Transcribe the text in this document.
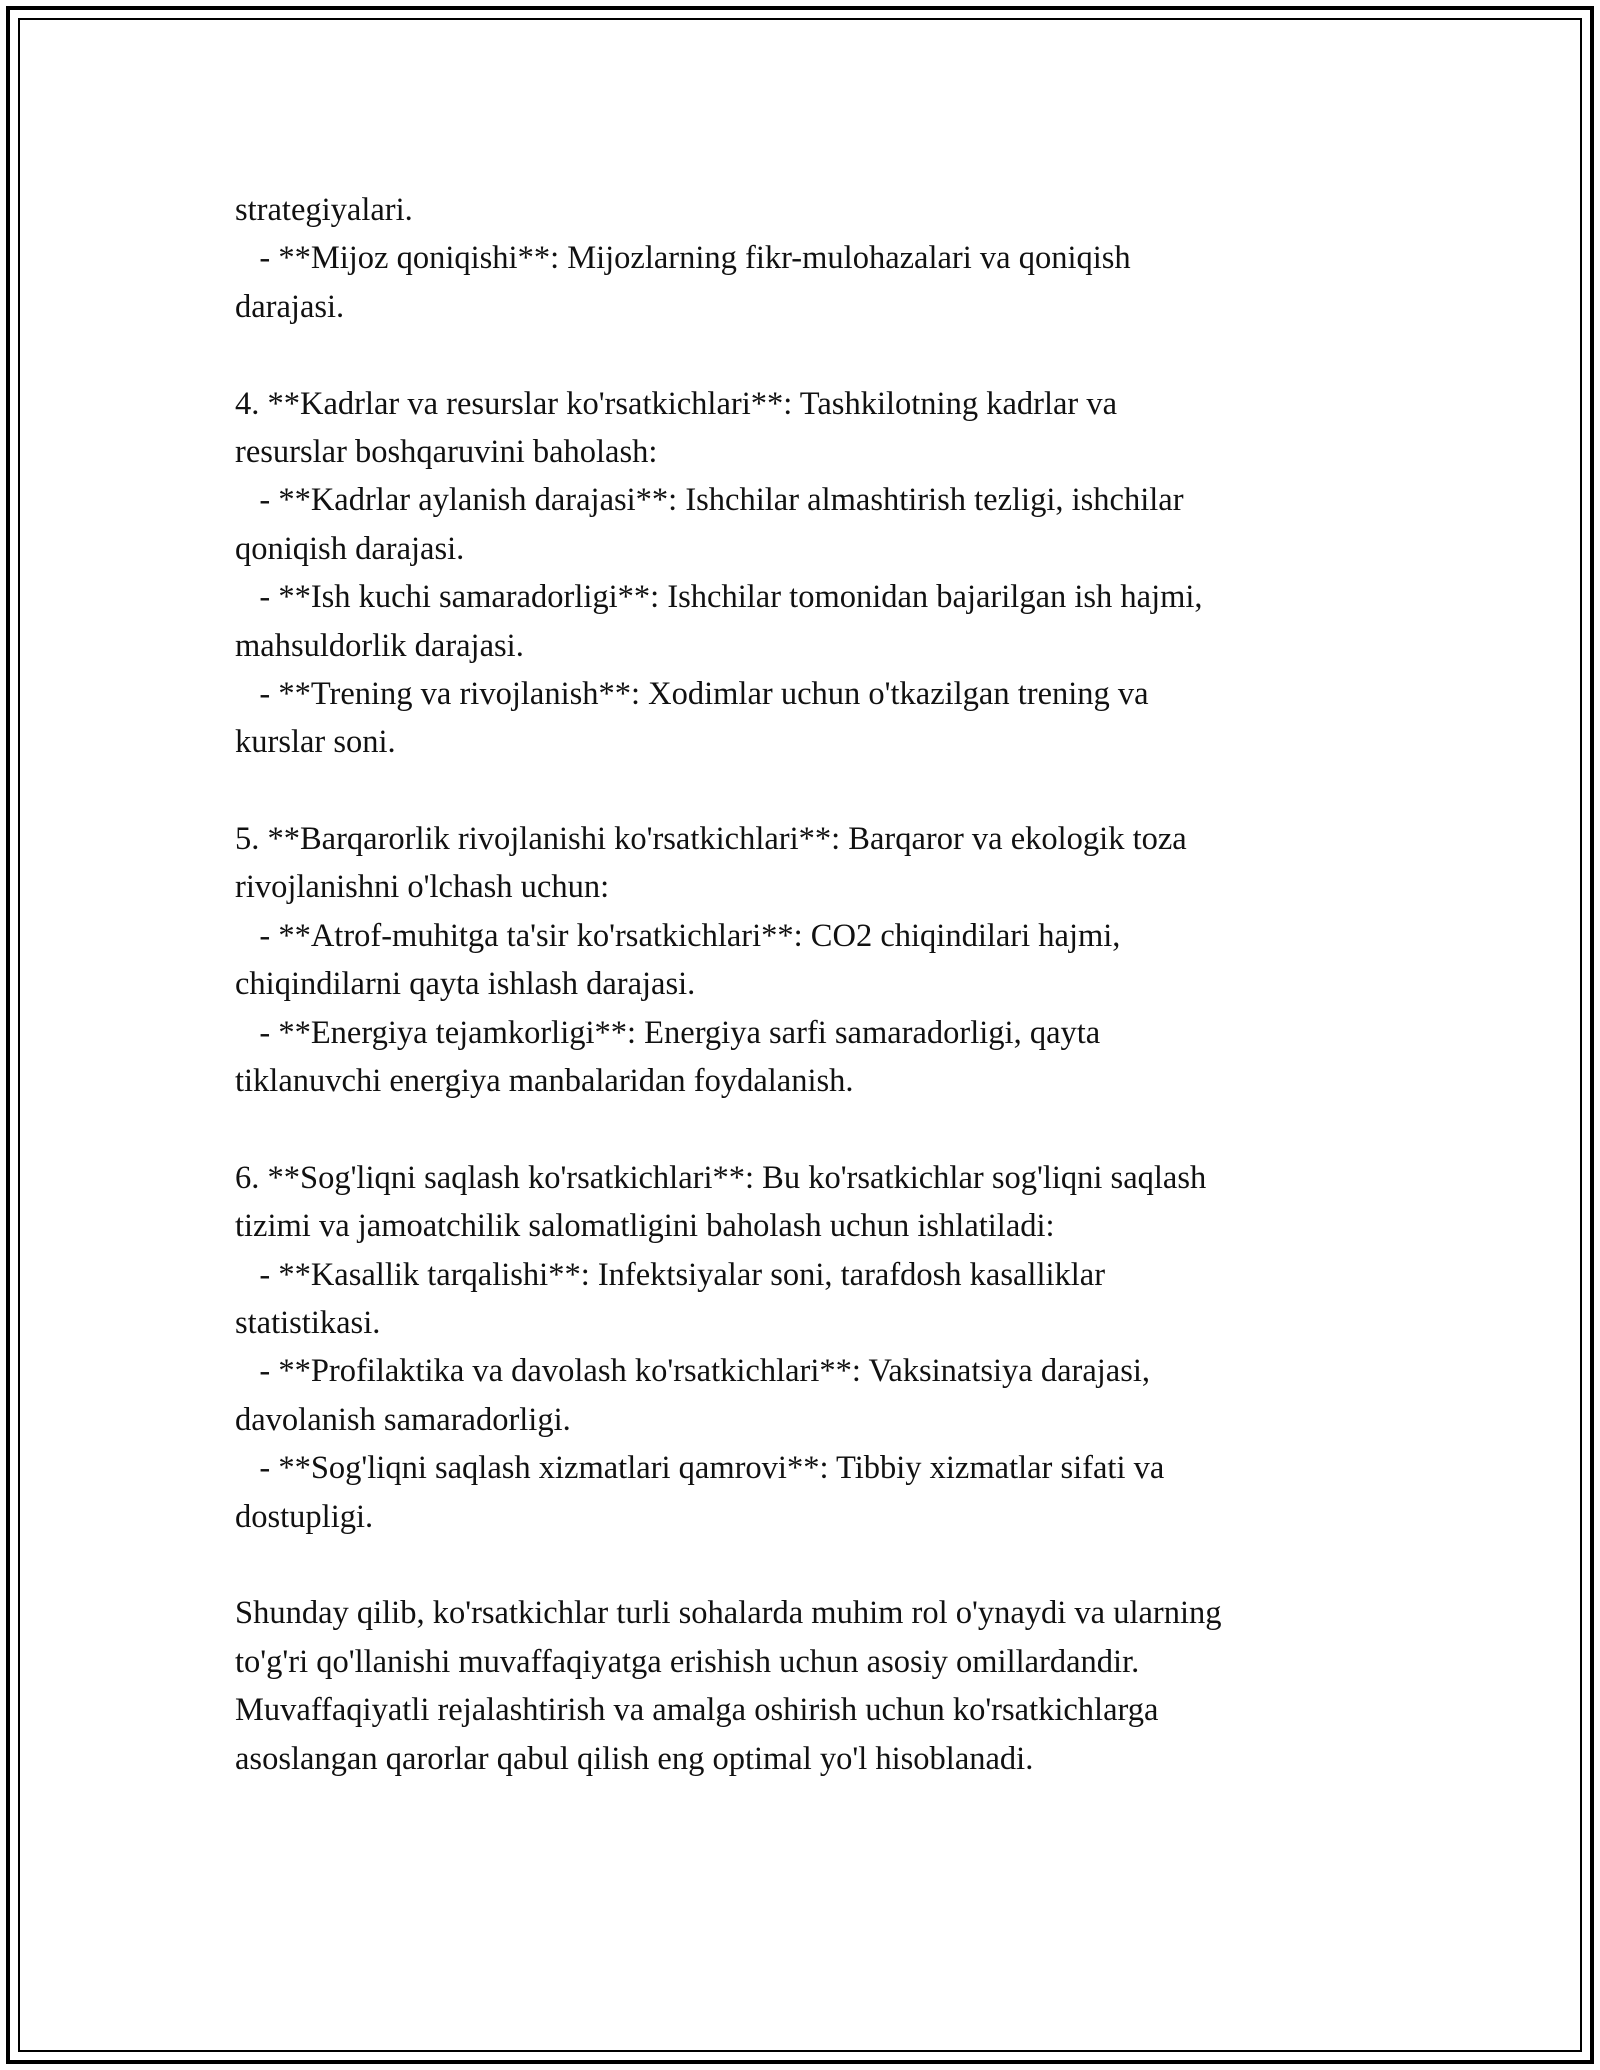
strategiyalari.
- **Mijoz qoniqishi**: Mijozlarning fikr-mulohazalari va qoniqish
darajasi.
4. **Kadrlar va resurslar ko'rsatkichlari**: Tashkilotning kadrlar va
resurslar boshqaruvini baholash:
- **Kadrlar aylanish darajasi**: Ishchilar almashtirish tezligi, ishchilar
qoniqish darajasi.
- **Ish kuchi samaradorligi**: Ishchilar tomonidan bajarilgan ish hajmi,
mahsuldorlik darajasi.
- **Trening va rivojlanish**: Xodimlar uchun o'tkazilgan trening va
kurslar soni.
5. **Barqarorlik rivojlanishi ko'rsatkichlari**: Barqaror va ekologik toza
rivojlanishni o'lchash uchun:
- **Atrof-muhitga ta'sir ko'rsatkichlari**: CO2 chiqindilari hajmi,
chiqindilarni qayta ishlash darajasi.
- **Energiya tejamkorligi**: Energiya sarfi samaradorligi, qayta
tiklanuvchi energiya manbalaridan foydalanish.
6. **Sog'liqni saqlash ko'rsatkichlari**: Bu ko'rsatkichlar sog'liqni saqlash
tizimi va jamoatchilik salomatligini baholash uchun ishlatiladi:
- **Kasallik tarqalishi**: Infektsiyalar soni, tarafdosh kasalliklar
statistikasi.
- **Profilaktika va davolash ko'rsatkichlari**: Vaksinatsiya darajasi,
davolanish samaradorligi.
- **Sog'liqni saqlash xizmatlari qamrovi**: Tibbiy xizmatlar sifati va
dostupligi.
Shunday qilib, ko'rsatkichlar turli sohalarda muhim rol o'ynaydi va ularning
to'g'ri qo'llanishi muvaffaqiyatga erishish uchun asosiy omillardandir.
Muvaffaqiyatli rejalashtirish va amalga oshirish uchun ko'rsatkichlarga
asoslangan qarorlar qabul qilish eng optimal yo'l hisoblanadi.
